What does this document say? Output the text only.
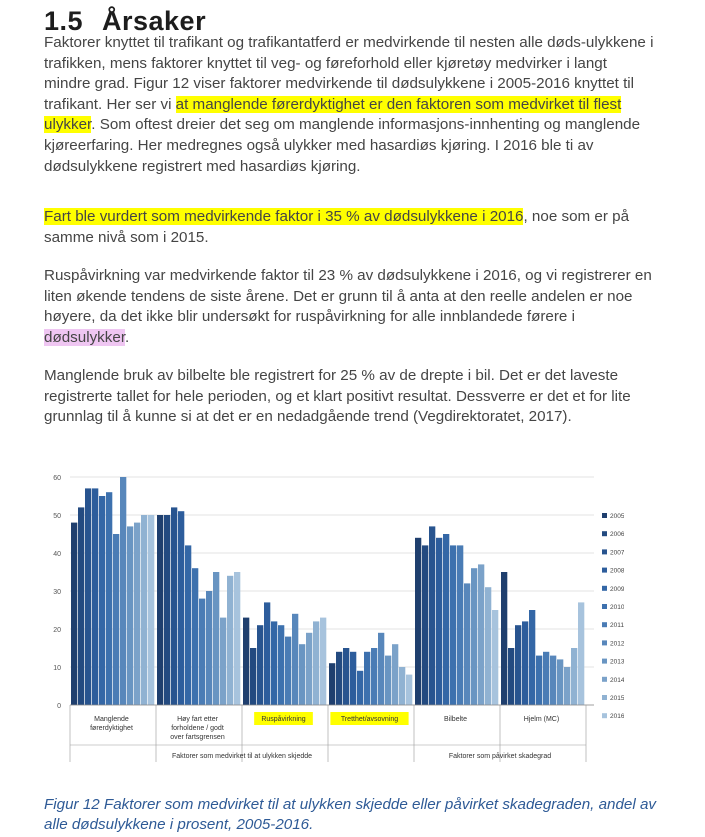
1.5 Årsaker

Faktorer knyttet til trafikant og trafikantatferd er medvirkende til nesten alle døds-ulykkene i trafikken, mens faktorer knyttet til veg- og føreforhold eller kjøretøy medvirker i langt mindre grad. Figur 12 viser faktorer medvirkende til dødsulykkene i 2005-2016 knyttet til trafikant. Her ser vi at manglende førerdyktighet er den faktoren som medvirket til flest ulykker. Som oftest dreier det seg om manglende informasjons-innhenting og manglende kjøreerfaring. Her medregnes også ulykker med hasardiøs kjøring. I 2016 ble ti av dødsulykkene registrert med hasardiøs kjøring.

Fart ble vurdert som medvirkende faktor i 35 % av dødsulykkene i 2016, noe som er på samme nivå som i 2015.

Ruspåvirkning var medvirkende faktor til 23 % av dødsulykkene i 2016, og vi registrerer en liten økende tendens de siste årene. Det er grunn til å anta at den reelle andelen er noe høyere, da det ikke blir undersøkt for ruspåvirkning for alle innblandede førere i dødsulykker.

Manglende bruk av bilbelte ble registrert for 25 % av de drepte i bil. Det er det laveste registrerte tallet for hele perioden, og et klart positivt resultat. Dessverre er det et for lite grunnlag til å kunne si at det er en nedadgående trend (Vegdirektoratet, 2017).

0
10
20
30
40
50
60
Manglende førerdyktighet
Høy fart etter forholdene / godt over fartsgrensen
Ruspåvirkning	Tretthet/avsovning	Bilbelte	Hjelm (MC)
Faktorer som medvirket til at ulykken skjedde	Faktorer som påvirket skadegrad
2005
2006
2007
2008
2009
2010
2011
2012
2013
2014
2015
2016
Figur 12 Faktorer som medvirket til at ulykken skjedde eller påvirket skadegraden, andel av alle dødsulykkene i prosent, 2005-2016.
